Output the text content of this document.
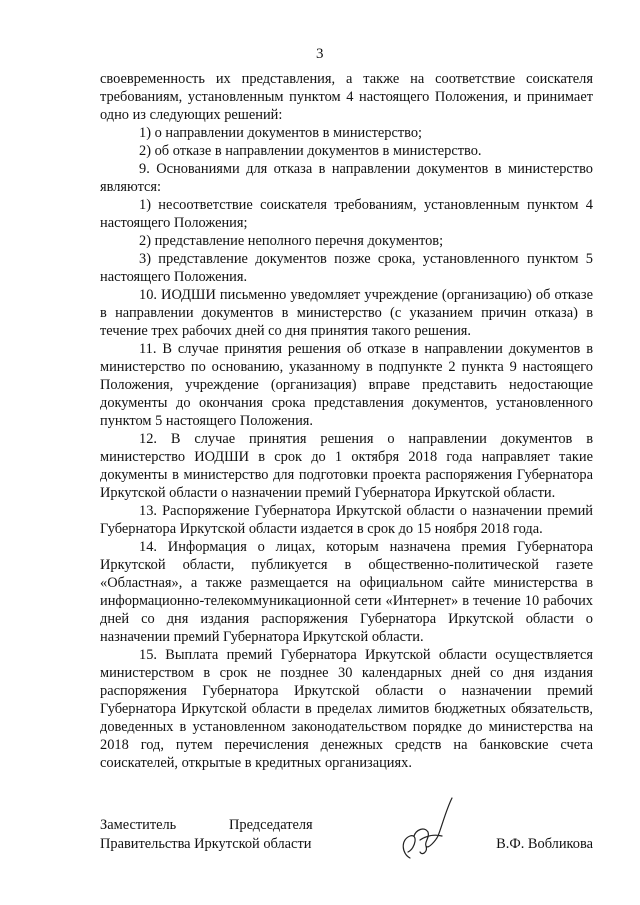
3

своевременность их представления, а также на соответствие соискателя требованиям, установленным пунктом 4 настоящего Положения, и принимает одно из следующих решений:

1) о направлении документов в министерство;

2) об отказе в направлении документов в министерство.

9. Основаниями для отказа в направлении документов в министерство являются:

1) несоответствие соискателя требованиям, установленным пунктом 4 настоящего Положения;

2) представление неполного перечня документов;

3) представление документов позже срока, установленного пунктом 5 настоящего Положения.

10. ИОДШИ письменно уведомляет учреждение (организацию) об отказе в направлении документов в министерство (с указанием причин отказа) в течение трех рабочих дней со дня принятия такого решения.

11. В случае принятия решения об отказе в направлении документов в министерство по основанию, указанному в подпункте 2 пункта 9 настоящего Положения, учреждение (организация) вправе представить недостающие документы до окончания срока представления документов, установленного пунктом 5 настоящего Положения.

12. В случае принятия решения о направлении документов в министерство ИОДШИ в срок до 1 октября 2018 года направляет такие документы в министерство для подготовки проекта распоряжения Губернатора Иркутской области о назначении премий Губернатора Иркутской области.

13. Распоряжение Губернатора Иркутской области о назначении премий Губернатора Иркутской области издается в срок до 15 ноября 2018 года.

14. Информация о лицах, которым назначена премия Губернатора Иркутской области, публикуется в общественно-политической газете «Областная», а также размещается на официальном сайте министерства в информационно-телекоммуникационной сети «Интернет» в течение 10 рабочих дней со дня издания распоряжения Губернатора Иркутской области о назначении премий Губернатора Иркутской области.

15. Выплата премий Губернатора Иркутской области осуществляется министерством в срок не позднее 30 календарных дней со дня издания распоряжения Губернатора Иркутской области о назначении премий Губернатора Иркутской области в пределах лимитов бюджетных обязательств, доведенных в установленном законодательством порядке до министерства на 2018 год, путем перечисления денежных средств на банковские счета соискателей, открытые в кредитных организациях.

Заместитель	Председателя
Правительства Иркутской области	В.Ф. Вобликова
